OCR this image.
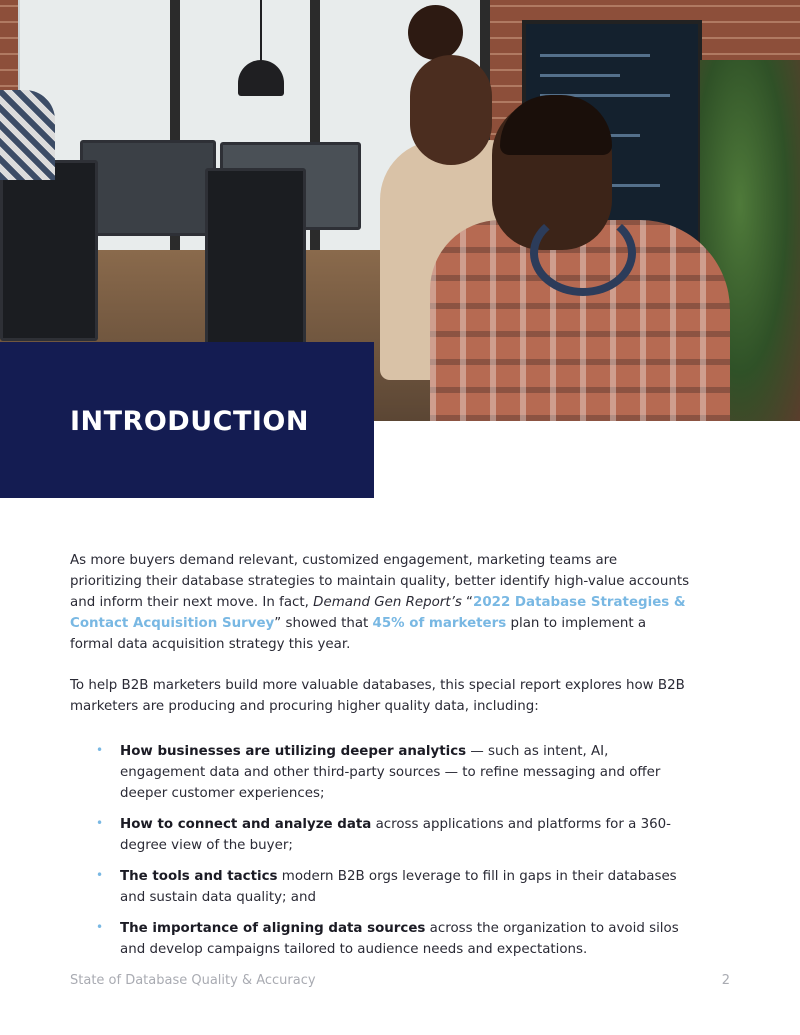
INTRODUCTION

As more buyers demand relevant, customized engagement, marketing teams are prioritizing their database strategies to maintain quality, better identify high-value accounts and inform their next move. In fact, Demand Gen Report’s “2022 Database Strategies & Contact Acquisition Survey” showed that 45% of marketers plan to implement a formal data acquisition strategy this year.

To help B2B marketers build more valuable databases, this special report explores how B2B marketers are producing and procuring higher quality data, including:

• How businesses are utilizing deeper analytics — such as intent, AI, engagement data and other third-party sources — to refine messaging and offer deeper customer experiences;
• How to connect and analyze data across applications and platforms for a 360-degree view of the buyer;
• The tools and tactics modern B2B orgs leverage to fill in gaps in their databases and sustain data quality; and
• The importance of aligning data sources across the organization to avoid silos and develop campaigns tailored to audience needs and expectations.
State of Database Quality & Accuracy	2
